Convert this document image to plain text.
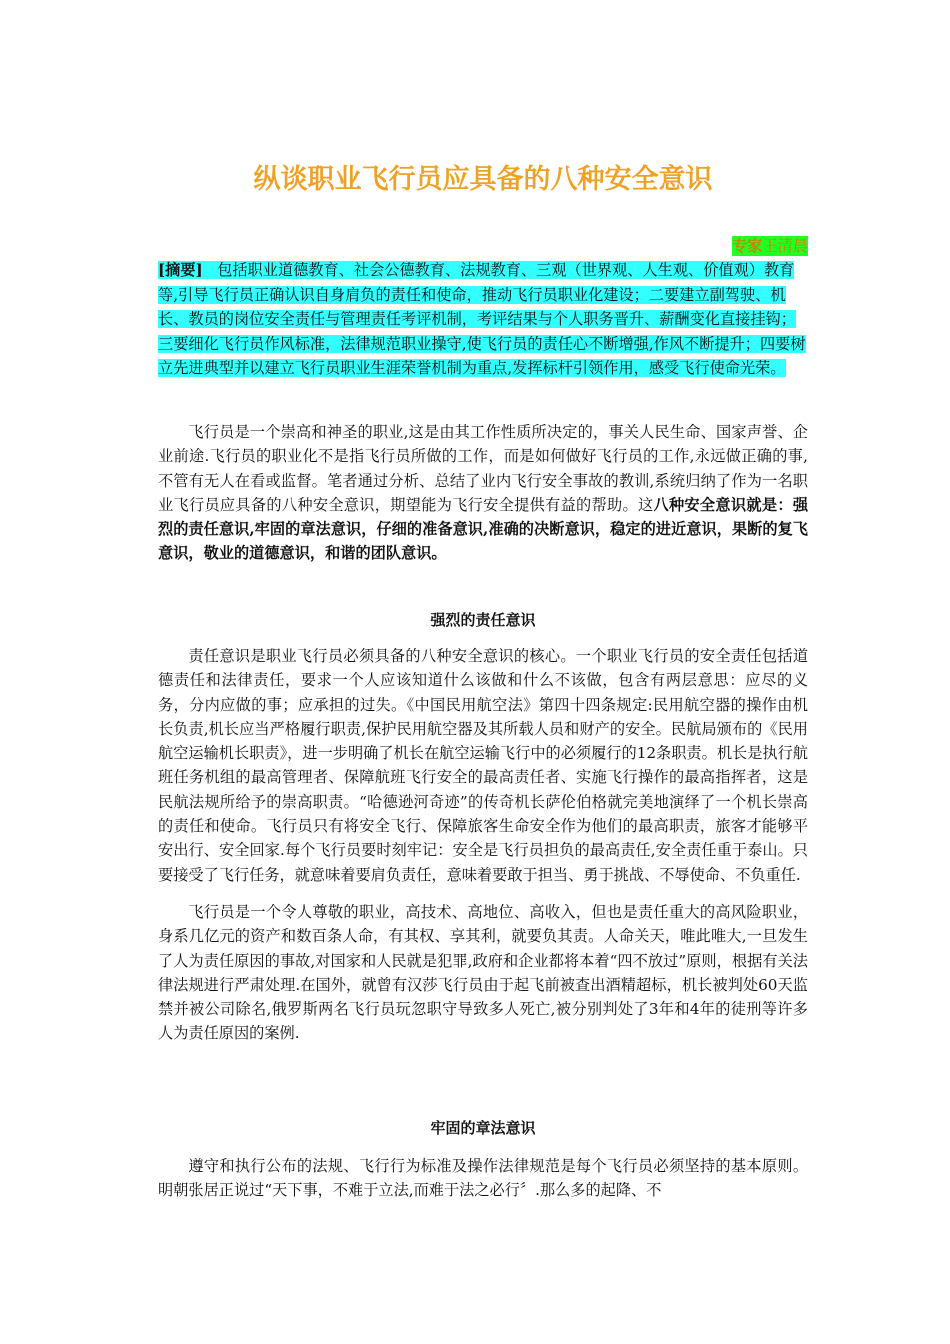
纵谈职业飞行员应具备的八种安全意识
专家王清晨

[摘要] 包括职业道德教育、社会公德教育、法规教育、三观（世界观、人生观、价值观）教育等,引导飞行员正确认识自身肩负的责任和使命，推动飞行员职业化建设；二要建立副驾驶、机长、教员的岗位安全责任与管理责任考评机制，考评结果与个人职务晋升、薪酬变化直接挂钩；三要细化飞行员作风标准，法律规范职业操守,使飞行员的责任心不断增强,作风不断提升；四要树立先进典型并以建立飞行员职业生涯荣誉机制为重点,发挥标杆引领作用，感受飞行使命光荣。

飞行员是一个崇高和神圣的职业,这是由其工作性质所决定的，事关人民生命、国家声誉、企业前途.飞行员的职业化不是指飞行员所做的工作，而是如何做好飞行员的工作,永远做正确的事,不管有无人在看或监督。笔者通过分析、总结了业内飞行安全事故的教训,系统归纳了作为一名职业飞行员应具备的八种安全意识，期望能为飞行安全提供有益的帮助。这八种安全意识就是：强烈的责任意识,牢固的章法意识，仔细的准备意识,准确的决断意识，稳定的进近意识，果断的复飞意识，敬业的道德意识，和谐的团队意识。

强烈的责任意识

责任意识是职业飞行员必须具备的八种安全意识的核心。一个职业飞行员的安全责任包括道德责任和法律责任，要求一个人应该知道什么该做和什么不该做，包含有两层意思：应尽的义务，分内应做的事；应承担的过失。《中国民用航空法》第四十四条规定:民用航空器的操作由机长负责,机长应当严格履行职责,保护民用航空器及其所载人员和财产的安全。民航局颁布的《民用航空运输机长职责》，进一步明确了机长在航空运输飞行中的必须履行的12条职责。机长是执行航班任务机组的最高管理者、保障航班飞行安全的最高责任者、实施飞行操作的最高指挥者，这是民航法规所给予的崇高职责。“哈德逊河奇迹”的传奇机长萨伦伯格就完美地演绎了一个机长崇高的责任和使命。飞行员只有将安全飞行、保障旅客生命安全作为他们的最高职责，旅客才能够平安出行、安全回家.每个飞行员要时刻牢记：安全是飞行员担负的最高责任,安全责任重于泰山。只要接受了飞行任务，就意味着要肩负责任，意味着要敢于担当、勇于挑战、不辱使命、不负重任.

飞行员是一个令人尊敬的职业，高技术、高地位、高收入，但也是责任重大的高风险职业，身系几亿元的资产和数百条人命，有其权、享其利，就要负其责。人命关天，唯此唯大,一旦发生了人为责任原因的事故,对国家和人民就是犯罪,政府和企业都将本着“四不放过”原则，根据有关法律法规进行严肃处理.在国外，就曾有汉莎飞行员由于起飞前被查出酒精超标，机长被判处60天监禁并被公司除名,俄罗斯两名飞行员玩忽职守导致多人死亡,被分别判处了3年和4年的徒刑等许多人为责任原因的案例.

牢固的章法意识

遵守和执行公布的法规、飞行行为标准及操作法律规范是每个飞行员必须坚持的基本原则。明朝张居正说过“天下事，不难于立法,而难于法之必行〞.那么多的起降、不
